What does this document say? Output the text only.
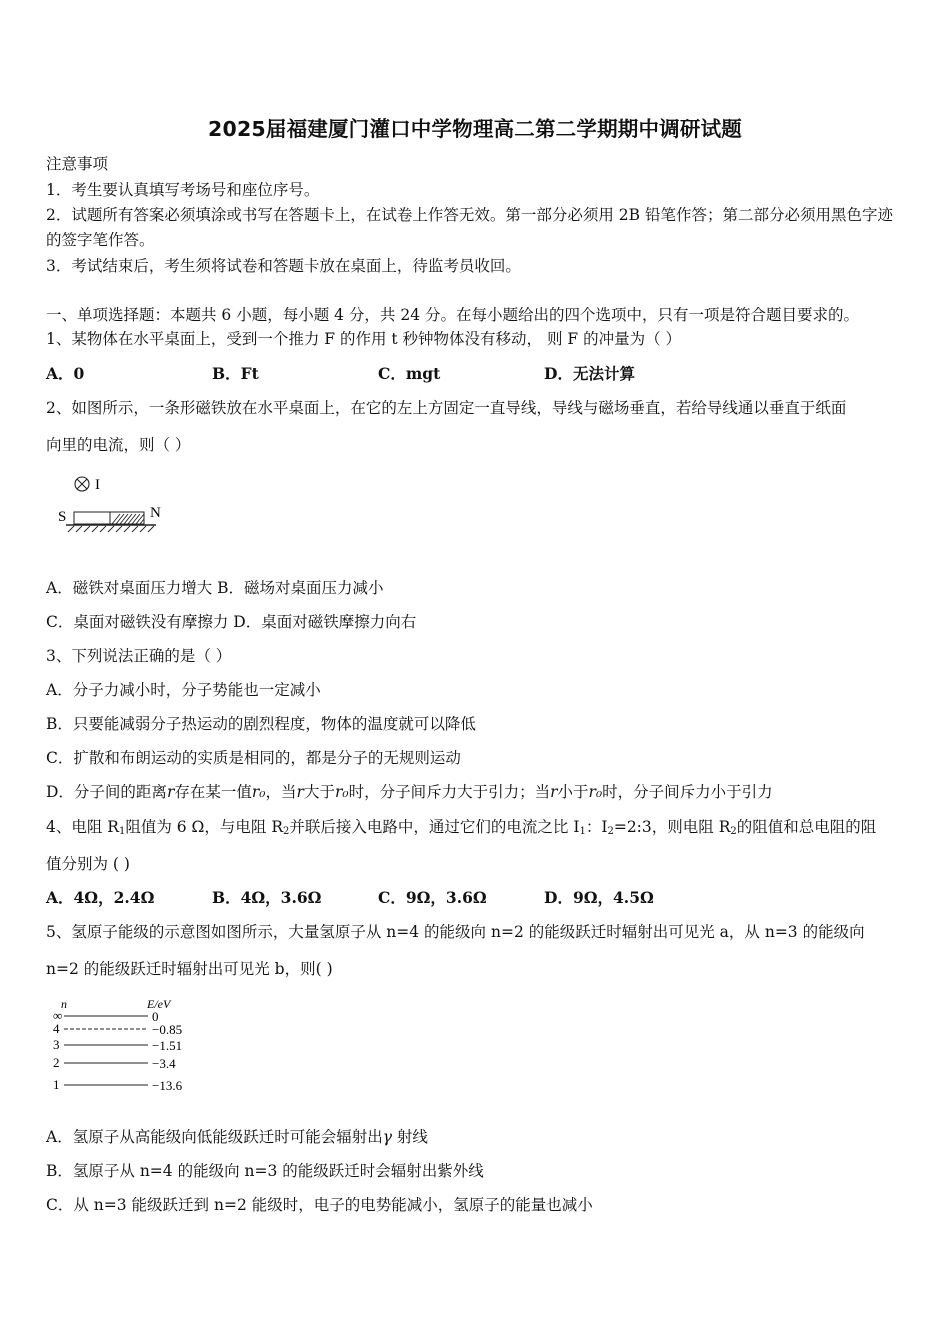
2025届福建厦门灌口中学物理高二第二学期期中调研试题
注意事项
1．考生要认真填写考场号和座位序号。
2．试题所有答案必须填涂或书写在答题卡上，在试卷上作答无效。第一部分必须用 2B 铅笔作答；第二部分必须用黑色字迹的签字笔作答。
3．考试结束后，考生须将试卷和答题卡放在桌面上，待监考员收回。
一、单项选择题：本题共 6 小题，每小题 4 分，共 24 分。在每小题给出的四个选项中，只有一项是符合题目要求的。
1、某物体在水平桌面上，受到一个推力 F 的作用 t 秒钟物体没有移动， 则 F 的冲量为（ ）
A．0	B．Ft	C．mgt	D．无法计算
2、如图所示，一条形磁铁放在水平桌面上，在它的左上方固定一直导线，导线与磁场垂直，若给导线通以垂直于纸面
向里的电流，则（ ）
I
S	N
A．磁铁对桌面压力增大 B．磁场对桌面压力减小
C．桌面对磁铁没有摩擦力 D．桌面对磁铁摩擦力向右
3、下列说法正确的是（ ）
A．分子力减小时，分子势能也一定减小
B．只要能减弱分子热运动的剧烈程度，物体的温度就可以降低
C．扩散和布朗运动的实质是相同的，都是分子的无规则运动
D．分子间的距离r存在某一值r₀，当r大于r₀时，分子间斥力大于引力；当r小于r₀时，分子间斥力小于引力
4、电阻 $R_1$阻值为 6 Ω，与电阻 $R_2$并联后接入电路中，通过它们的电流之比 $I_1$：$I_2=2:3$，则电阻 $R_2$的阻值和总电阻的阻
值分别为 ( )
A．4Ω，2.4Ω	B．4Ω，3.6Ω	C．9Ω，3.6Ω	D．9Ω，4.5Ω
5、氢原子能级的示意图如图所示，大量氢原子从 n=4 的能级向 n=2 的能级跃迁时辐射出可见光 a，从 n=3 的能级向
n=2 的能级跃迁时辐射出可见光 b，则( )
n	E/eV
∞	0
4	−0.85
3	−1.51
2	−3.4
1	−13.6
A．氢原子从高能级向低能级跃迁时可能会辐射出γ 射线
B．氢原子从 n=4 的能级向 n=3 的能级跃迁时会辐射出紫外线
C．从 n=3 能级跃迁到 n=2 能级时，电子的电势能减小，氢原子的能量也减小
